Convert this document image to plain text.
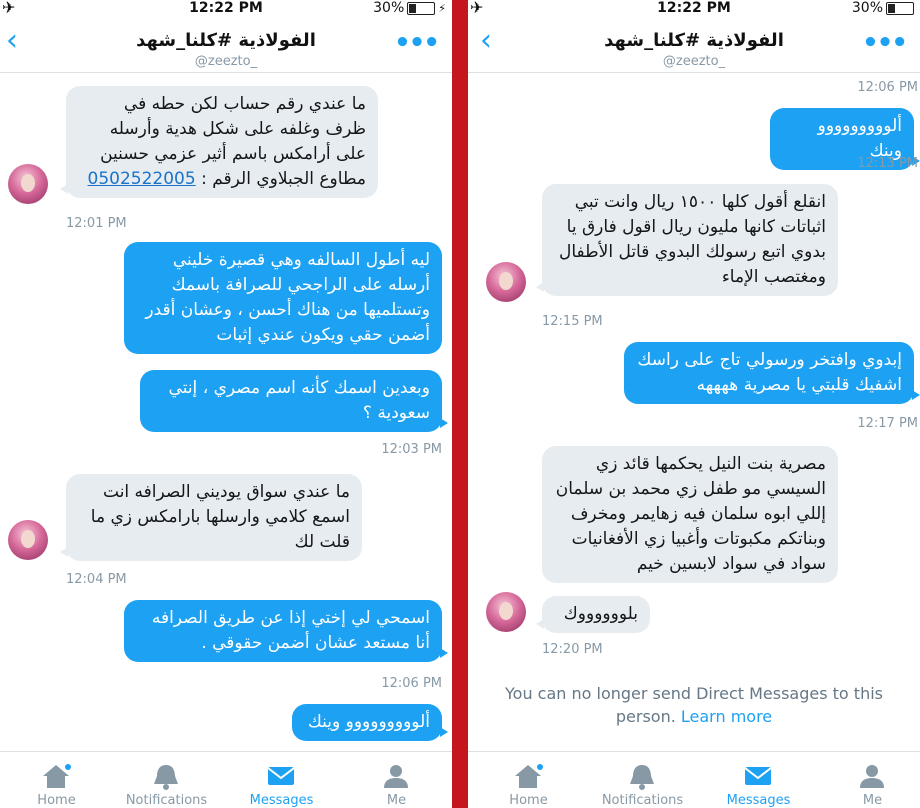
✈	12:22 PM	30%	⚡
‹	الفولاذية #كلنا_شهد
@zeezto_
•••
ما عندي رقم حساب لكن حطه في ظرف وغلفه على شكل هدية وأرسله على أرامكس باسم أثير عزمي حسنين مطاوع الجبلاوي الرقم : 0502522005
12:01 PM
ليه أطول السالفه وهي قصيرة خليني أرسله على الراجحي للصرافة باسمك وتستلميها من هناك أحسن ، وعشان أقدر أضمن حقي ويكون عندي إثبات
وبعدين اسمك كأنه اسم مصري ، إنتي سعودية ؟
12:03 PM
ما عندي سواق يوديني الصرافه انت اسمع كلامي وارسلها بارامكس زي ما قلت لك
12:04 PM
اسمحي لي إختي إذا عن طريق الصرافه أنا مستعد عشان أضمن حقوقي .
12:06 PM
ألووووووووو وينك
Home	Notifications	Messages	Me
✈	12:22 PM	30%
‹	الفولاذية #كلنا_شهد
@zeezto_
•••
12:06 PM
ألووووووووو وينك
12:13 PM
انقلع أقول كلها ١٥٠٠ ريال وانت تبي اثباتات كانها مليون ريال اقول فارق يا بدوي اتبع رسولك البدوي قاتل الأطفال ومغتصب الإماء
12:15 PM
إبدوي وافتخر ورسولي تاج على راسك اشفيك قلبتي يا مصرية ههههه
12:17 PM
مصرية بنت النيل يحكمها قائد زي السيسي مو طفل زي محمد بن سلمان إللي ابوه سلمان فيه زهايمر ومخرف وبناتكم مكبوتات وأغبيا زي الأفغانيات سواد في سواد لابسين خيم
بلووووووك
12:20 PM
You can no longer send Direct Messages to this person. Learn more
Home	Notifications	Messages	Me
